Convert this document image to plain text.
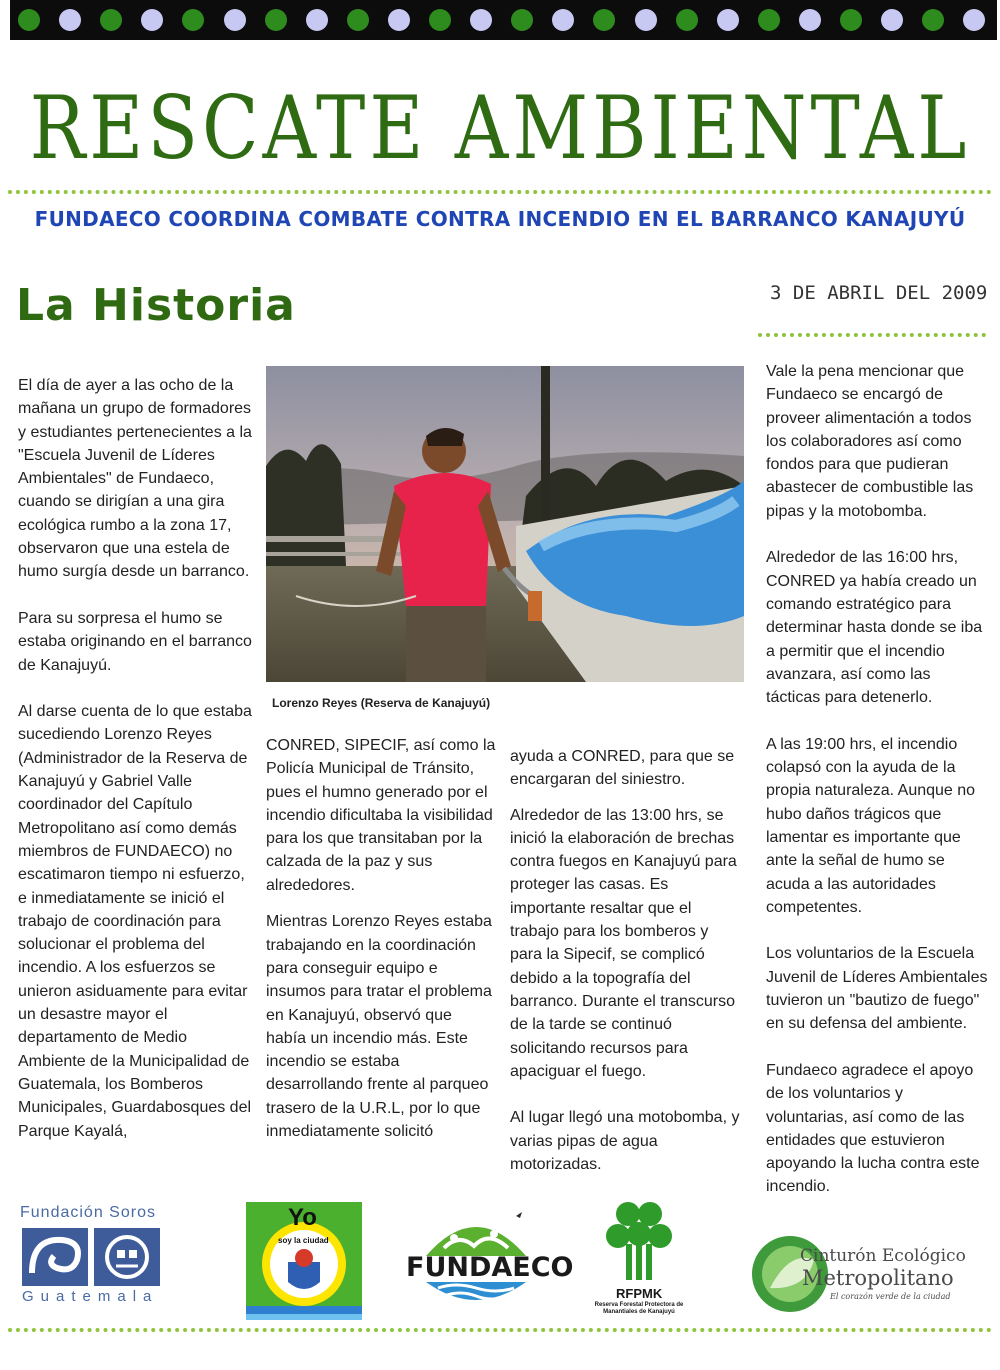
RESCATE AMBIENTAL
FUNDAECO COORDINA COMBATE CONTRA INCENDIO EN EL BARRANCO KANAJUYÚ
La Historia	3 DE ABRIL DEL 2009

El día de ayer a las ocho de la mañana un grupo de formadores y estudiantes pertenecientes a la "Escuela Juvenil de Líderes Ambientales" de Fundaeco, cuando se dirigían a una gira ecológica rumbo a la zona 17, observaron que una estela de humo surgía desde un barranco.

Para su sorpresa el humo se estaba originando en el barranco de Kanajuyú.

Al darse cuenta de lo que estaba sucediendo Lorenzo Reyes (Administrador de la Reserva de Kanajuyú y Gabriel Valle coordinador del Capítulo Metropolitano así como demás miembros de FUNDAECO) no escatimaron tiempo ni esfuerzo, e inmediatamente se inició el trabajo de coordinación para solucionar el problema del incendio. A los esfuerzos se unieron asiduamente para evitar un desastre mayor el departamento de Medio Ambiente de la Municipalidad de Guatemala, los Bomberos Municipales, Guardabosques del Parque Kayalá,

Lorenzo Reyes (Reserva de Kanajuyú)

CONRED, SIPECIF, así como la Policía Municipal de Tránsito, pues el humno generado por el incendio dificultaba la visibilidad para los que transitaban por la calzada de la paz y sus alrededores.

Mientras Lorenzo Reyes estaba trabajando en la coordinación para conseguir equipo e insumos para tratar el problema en Kanajuyú, observó que había un incendio más. Este incendio se estaba desarrollando frente al parqueo trasero de la U.R.L, por lo que inmediatamente solicitó

ayuda a CONRED, para que se encargaran del siniestro.

Alrededor de las 13:00 hrs, se inició la elaboración de brechas contra fuegos en Kanajuyú para proteger las casas. Es importante resaltar que el trabajo para los bomberos y para la Sipecif, se complicó debido a la topografía del barranco. Durante el transcurso de la tarde se continuó solicitando recursos para apaciguar el fuego.

Al lugar llegó una motobomba, y varias pipas de agua motorizadas.

Vale la pena mencionar que Fundaeco se encargó de proveer alimentación a todos los colaboradores así como fondos para que pudieran abastecer de combustible las pipas y la motobomba.

Alrededor de las 16:00 hrs, CONRED ya había creado un comando estratégico para determinar hasta donde se iba a permitir que el incendio avanzara, así como las tácticas para detenerlo.

A las 19:00 hrs, el incendio colapsó con la ayuda de la propia naturaleza. Aunque no hubo daños trágicos que lamentar es importante que ante la señal de humo se acuda a las autoridades competentes.

Los voluntarios de la Escuela Juvenil de Líderes Ambientales tuvieron un "bautizo de fuego" en su defensa del ambiente.

Fundaeco agradece el apoyo de los voluntarios y voluntarias, así como de las entidades que estuvieron apoyando la lucha contra este incendio.

Fundación Soros
Guatemala
Yo
soy la ciudad
FUNDAECO
RFPMK
Reserva Forestal Protectora de Manantiales de Kanajuyú
Cinturón Ecológico
Metropolitano
El corazón verde de la ciudad
